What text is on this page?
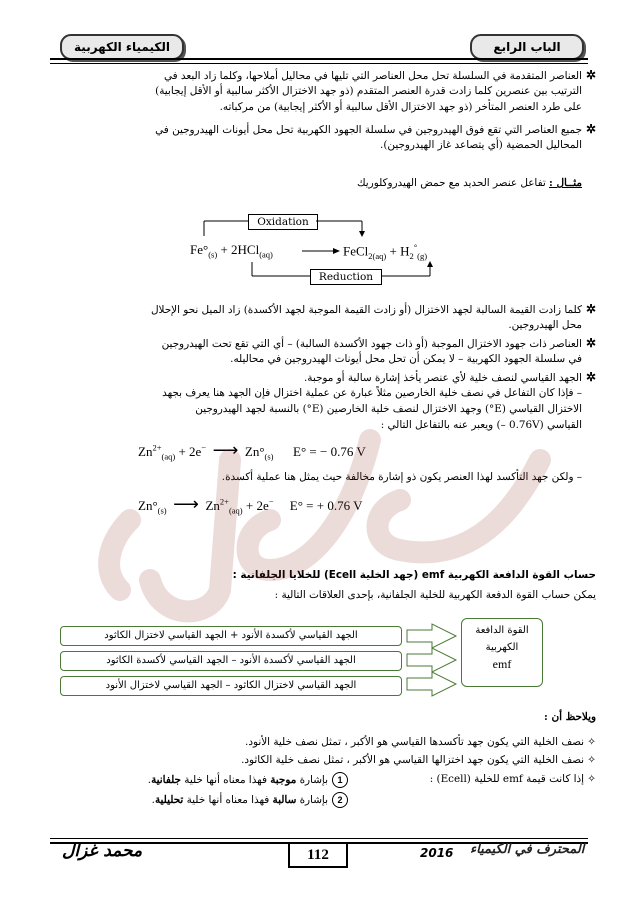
الكيمياء الكهربية	الباب الرابع
✲العناصر المتقدمة في السلسلة تحل محل العناصر التي تليها في محاليل أملاحها، وكلما زاد البعد في
الترتيب بين عنصرين كلما زادت قدرة العنصر المتقدم (ذو جهد الاختزال الأكثر سالبية أو الأقل إيجابية)
على طرد العنصر المتأخر (ذو جهد الاختزال الأقل سالبية أو الأكثر إيجابية) من مركباته.
✲جميع العناصر التي تقع فوق الهيدروجين في سلسلة الجهود الكهربية تحل محل أيونات الهيدروجين في
المحاليل الحمضية (أي يتصاعد غاز الهيدروجين).
مثــال : تفاعل عنصر الحديد مع حمض الهيدروكلوريك
Oxidation
Reduction
$Fe^\circ_{(s)} + 2HCl_{(aq)}$	FeCl$_{2(aq)}$ + $H_2^\circ_{(g)}$
✲كلما زادت القيمة السالبة لجهد الاختزال (أو زادت القيمة الموجبة لجهد الأكسدة) زاد الميل نحو الإحلال
محل الهيدروجين.
✲العناصر ذات جهود الاختزال الموجبة (أو ذات جهود الأكسدة السالبة) – أي التي تقع تحت الهيدروجين
في سلسلة الجهود الكهربية – لا يمكن أن تحل محل أيونات الهيدروجين في محاليله.
✲الجهد القياسي لنصف خلية لأي عنصر يأخذ إشارة سالبة أو موجبة.
– فإذا كان التفاعل في نصف خلية الخارصين مثلاً عبارة عن عملية اختزال فإن الجهد هنا يعرف بجهد
الاختزال القياسي (E°) وجهد الاختزال لنصف خلية الخارصين (E°) بالنسبة لجهد الهيدروجين
القياسي (0.76V –) ويعبر عنه بالتفاعل التالي :
$Zn^{2+}_{(aq)} + 2e^-$ ⟶ $Zn^\circ_{(s)}$ E° = − 0.76 V
– ولكن جهد التأكسد لهذا العنصر يكون ذو إشارة مخالفة حيث يمثل هنا عملية أكسدة.
$Zn^\circ_{(s)}$ ⟶ $Zn^{2+}_{(aq)} + 2e^-$ E° = + 0.76 V
حساب القوة الدافعة الكهربية emf (جهد الخلية Ecell) للخلايا الجلفانية :
يمكن حساب القوة الدفعة الكهربية للخلية الجلفانية، بإحدى العلاقات التالية :
القوة الدافعة
الكهربية
emf
الجهد القياسي لأكسدة الأنود + الجهد القياسي لاختزال الكاثود
الجهد القياسي لأكسدة الأنود – الجهد القياسي لأكسدة الكاثود
الجهد القياسي لاختزال الكاثود – الجهد القياسي لاختزال الأنود
ويلاحظ أن :
✧ نصف الخلية التي يكون جهد تأكسدها القياسي هو الأكبر ، تمثل نصف خلية الأنود.
✧ نصف الخلية التي يكون جهد اختزالها القياسي هو الأكبر ، تمثل نصف خلية الكاثود.
✧ إذا كانت قيمة emf للخلية (Ecell) :
1بإشارة موجبة فهذا معناه أنها خلية جلفانية.
2بإشارة سالبة فهذا معناه أنها خلية تحليلية.
112	2016 المحترف في الكيمياء
محمد غزال
